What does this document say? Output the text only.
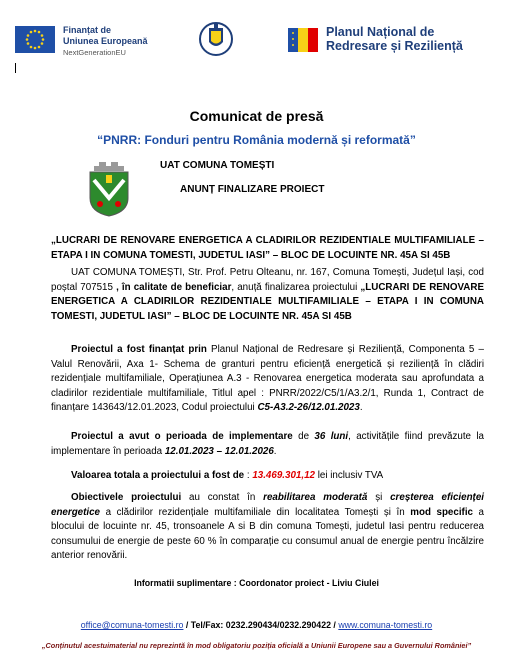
Finanțat de
Uniunea Europeană
NextGenerationEU
Planul Național de
Redresare și Reziliență
Comunicat de presă
“PNRR: Fonduri pentru România modernă și reformată”
UAT COMUNA TOMEȘTI
ANUNȚ FINALIZARE PROIECT
„LUCRARI DE RENOVARE ENERGETICA A CLADIRILOR REZIDENTIALE MULTIFAMILIALE – ETAPA I IN COMUNA TOMESTI, JUDETUL IASI” – BLOC DE LOCUINTE NR. 45A SI 45B
UAT COMUNA TOMEȘTI, Str. Prof. Petru Olteanu, nr. 167, Comuna Tomești, Județul Iași, cod poștal 707515 , în calitate de beneficiar, anuță finalizarea proiectului „LUCRARI DE RENOVARE ENERGETICA A CLADIRILOR REZIDENTIALE MULTIFAMILIALE – ETAPA I IN COMUNA TOMESTI, JUDETUL IASI” – BLOC DE LOCUINTE NR. 45A SI 45B
Proiectul a fost finanțat prin Planul Național de Redresare și Reziliență, Componenta 5 – Valul Renovării, Axa 1- Schema de granturi pentru eficiență energetică și reziliență în clădiri rezidențiale multifamiliale, Operațiunea A.3 - Renovarea energetica moderata sau aprofundata a cladirilor rezidentiale multifamiliale, Titlul apel : PNRR/2022/C5/1/A3.2/1, Runda 1, Contract de finanțare 143643/12.01.2023, Codul proiectului C5-A3.2-26/12.01.2023.
Proiectul a avut o perioada de implementare de 36 luni, activitățile fiind prevăzute la implementare în perioada 12.01.2023 – 12.01.2026.
Valoarea totala a proiectului a fost de : 13.469.301,12 lei inclusiv TVA
Obiectivele proiectului au constat în reabilitarea moderată și creșterea eficienței energetice a clădirilor rezidențiale multifamiliale din localitatea Tomești și în mod specific a blocului de locuinte nr. 45, tronsoanele A si B din comuna Tomești, judetul Iasi pentru reducerea consumului de energie de peste 60 % în comparație cu consumul anual de energie pentru încălzire anterior renovării.
Informatii suplimentare : Coordonator proiect - Liviu Ciulei
office@comuna-tomesti.ro / Tel/Fax: 0232.290434/0232.290422 / www.comuna-tomesti.ro
„Conținutul acestuimaterial nu reprezintă în mod obligatoriu poziția oficială a Uniunii Europene sau a Guvernului României”
